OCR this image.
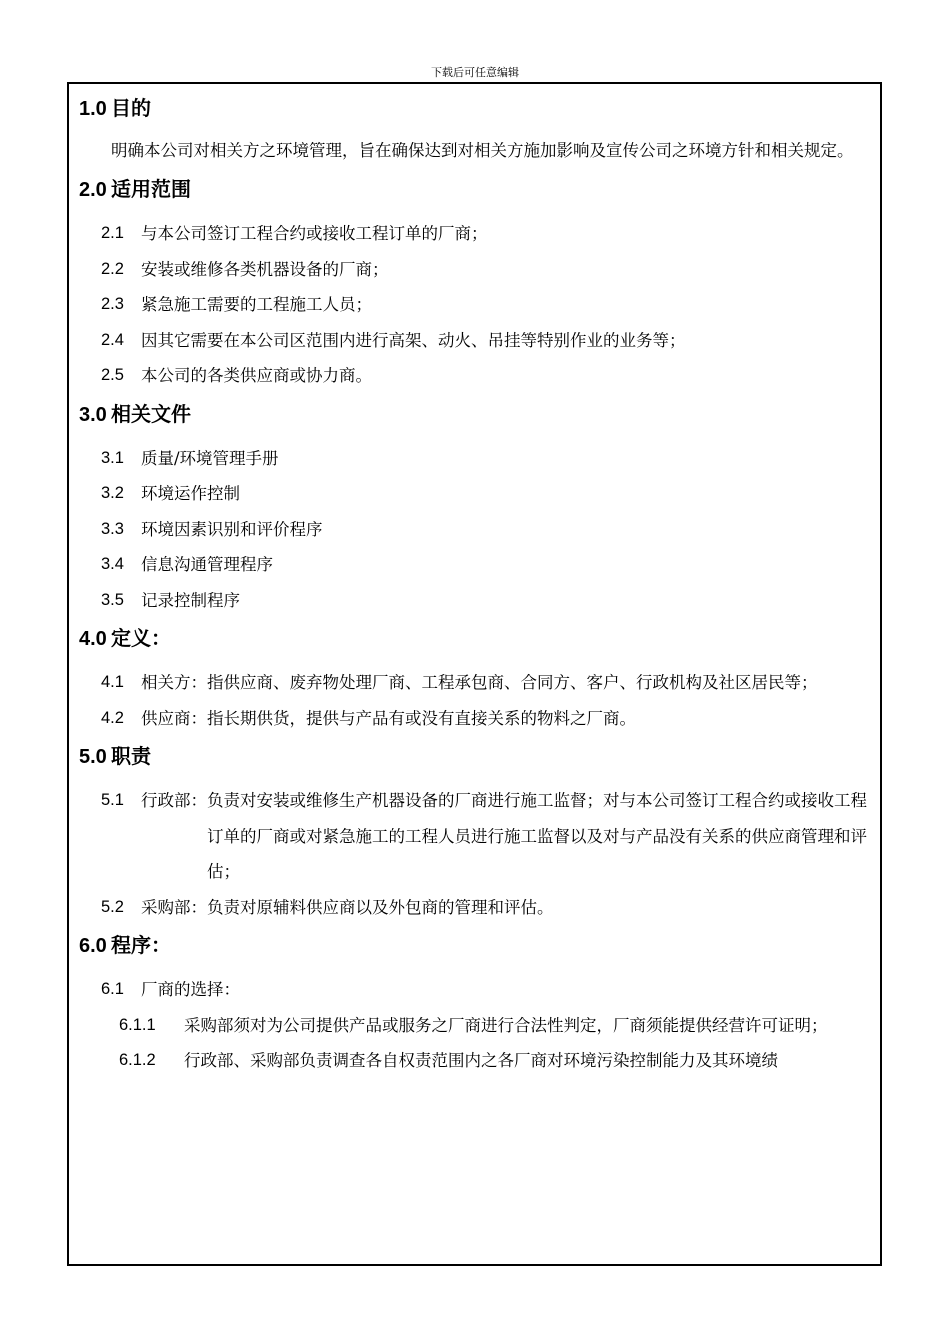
下载后可任意编辑
1.0 目的
明确本公司对相关方之环境管理，旨在确保达到对相关方施加影响及宣传公司之环境方针和相关规定。
2.0 适用范围
2.1	与本公司签订工程合约或接收工程订单的厂商；
2.2	安装或维修各类机器设备的厂商；
2.3	紧急施工需要的工程施工人员；
2.4	因其它需要在本公司区范围内进行高架、动火、吊挂等特别作业的业务等；
2.5	本公司的各类供应商或协力商。
3.0 相关文件
3.1	质量/环境管理手册
3.2	环境运作控制
3.3	环境因素识别和评价程序
3.4	信息沟通管理程序
3.5	记录控制程序
4.0 定义：
4.1	相关方： 指供应商、废弃物处理厂商、工程承包商、合同方、客户、行政机构及社区居民等；
4.2	供应商： 指长期供货，提供与产品有或没有直接关系的物料之厂商。
5.0 职责
5.1	行政部： 负责对安装或维修生产机器设备的厂商进行施工监督；对与本公司签订工程合约或接收工程订单的厂商或对紧急施工的工程人员进行施工监督以及对与产品没有关系的供应商管理和评估；
5.2	采购部： 负责对原辅料供应商以及外包商的管理和评估。
6.0 程序：
6.1	厂商的选择：
6.1.1	采购部须对为公司提供产品或服务之厂商进行合法性判定，厂商须能提供经营许可证明；
6.1.2	行政部、采购部负责调查各自权责范围内之各厂商对环境污染控制能力及其环境绩
